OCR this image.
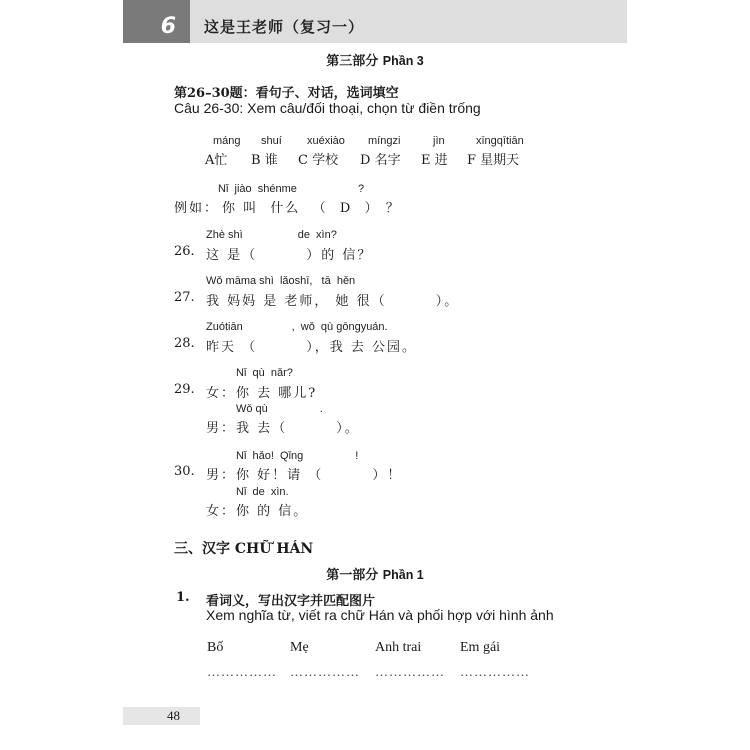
6 这是王老师（复习一）
第三部分 Phần 3
第26–30题：看句子、对话，选词填空
Câu 26-30: Xem câu/đối thoại, chọn từ điền trống
máng
A忙
shuí
B 谁
xuéxiào
C 学校
míngzi
D 名字
jìn
E 进
xīngqītiān
F 星期天
Nǐ  jiào  shénme                    ?
例如： 你 叫  什么  （  D  ） ？
Zhè shì                  de  xìn?
26. 这 是（        ）的 信？
Wǒ māma shì  lǎoshī,   tā  hěn
27. 我 妈妈 是 老师， 她 很（        ）。
Zuótiān                ,  wǒ  qù gōngyuán.
28. 昨天 （        ），我 去 公园。
Nǐ  qù  nǎr?
29. 女： 你 去 哪儿?
Wǒ qù                 .
男： 我 去（        ）。
Nǐ  hǎo!  Qǐng                 !
30. 男： 你 好！请 （        ）！
Nǐ  de  xìn.
女： 你 的 信。
三、汉字 CHỮ HÁN
第一部分 Phần 1
1. 看词义，写出汉字并匹配图片
Xem nghĩa từ, viết ra chữ Hán và phối hợp với hình ảnh
Bố
……………
Mẹ
……………
Anh trai
……………
Em gái
……………
48
